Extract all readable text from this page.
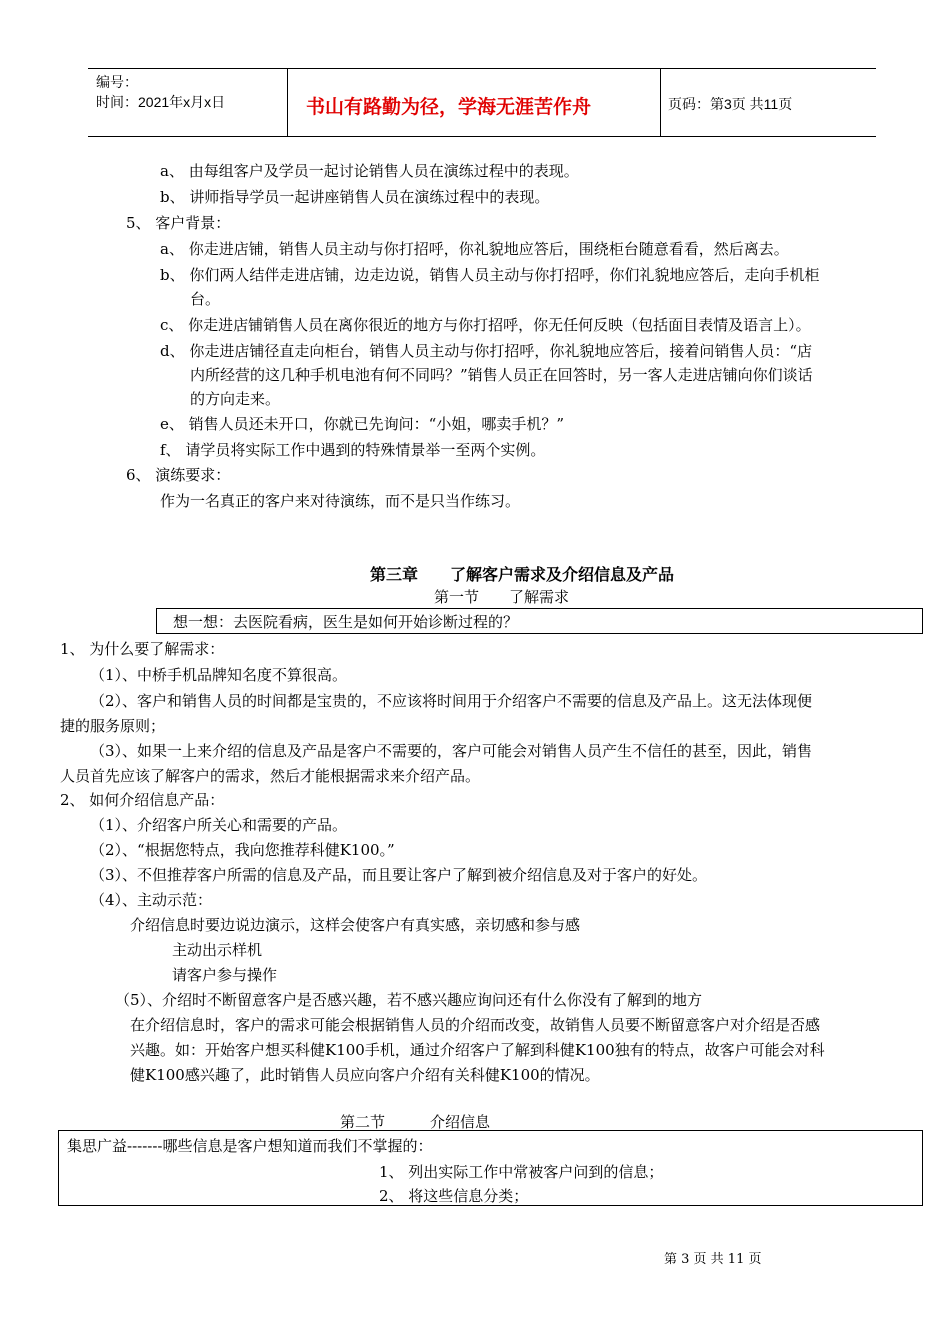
编号：
时间：2021年x月x日	书山有路勤为径，学海无涯苦作舟	页码：第3页 共11页
a、 由每组客户及学员一起讨论销售人员在演练过程中的表现。
b、 讲师指导学员一起讲座销售人员在演练过程中的表现。
5、 客户背景：
a、 你走进店铺，销售人员主动与你打招呼，你礼貌地应答后，围绕柜台随意看看，然后离去。
b、 你们两人结伴走进店铺，边走边说，销售人员主动与你打招呼，你们礼貌地应答后，走向手机柜
台。
c、 你走进店铺销售人员在离你很近的地方与你打招呼，你无任何反映（包括面目表情及语言上）。
d、 你走进店铺径直走向柜台，销售人员主动与你打招呼，你礼貌地应答后，接着问销售人员：“店
内所经营的这几种手机电池有何不同吗？”销售人员正在回答时，另一客人走进店铺向你们谈话
的方向走来。
e、 销售人员还未开口，你就已先询问：“小姐，哪卖手机？”
f、 请学员将实际工作中遇到的特殊情景举一至两个实例。
6、 演练要求：
作为一名真正的客户来对待演练，而不是只当作练习。
第三章　　了解客户需求及介绍信息及产品
第一节　　了解需求
想一想：去医院看病，医生是如何开始诊断过程的？
1、 为什么要了解需求：
（1）、中桥手机品牌知名度不算很高。
（2）、客户和销售人员的时间都是宝贵的，不应该将时间用于介绍客户不需要的信息及产品上。这无法体现便
捷的服务原则；
（3）、如果一上来介绍的信息及产品是客户不需要的，客户可能会对销售人员产生不信任的甚至，因此，销售
人员首先应该了解客户的需求，然后才能根据需求来介绍产品。
2、 如何介绍信息产品：
（1）、介绍客户所关心和需要的产品。
（2）、“根据您特点，我向您推荐科健K100。”
（3）、不但推荐客户所需的信息及产品，而且要让客户了解到被介绍信息及对于客户的好处。
（4）、主动示范：
介绍信息时要边说边演示，这样会使客户有真实感，亲切感和参与感
主动出示样机
请客户参与操作
（5）、介绍时不断留意客户是否感兴趣，若不感兴趣应询问还有什么你没有了解到的地方
在介绍信息时，客户的需求可能会根据销售人员的介绍而改变，故销售人员要不断留意客户对介绍是否感
兴趣。如：开始客户想买科健K100手机，通过介绍客户了解到科健K100独有的特点，故客户可能会对科
健K100感兴趣了，此时销售人员应向客户介绍有关科健K100的情况。
第二节　　　介绍信息
集思广益-------哪些信息是客户想知道而我们不掌握的：
1、 列出实际工作中常被客户问到的信息；
2、 将这些信息分类；
第 3 页 共 11 页
